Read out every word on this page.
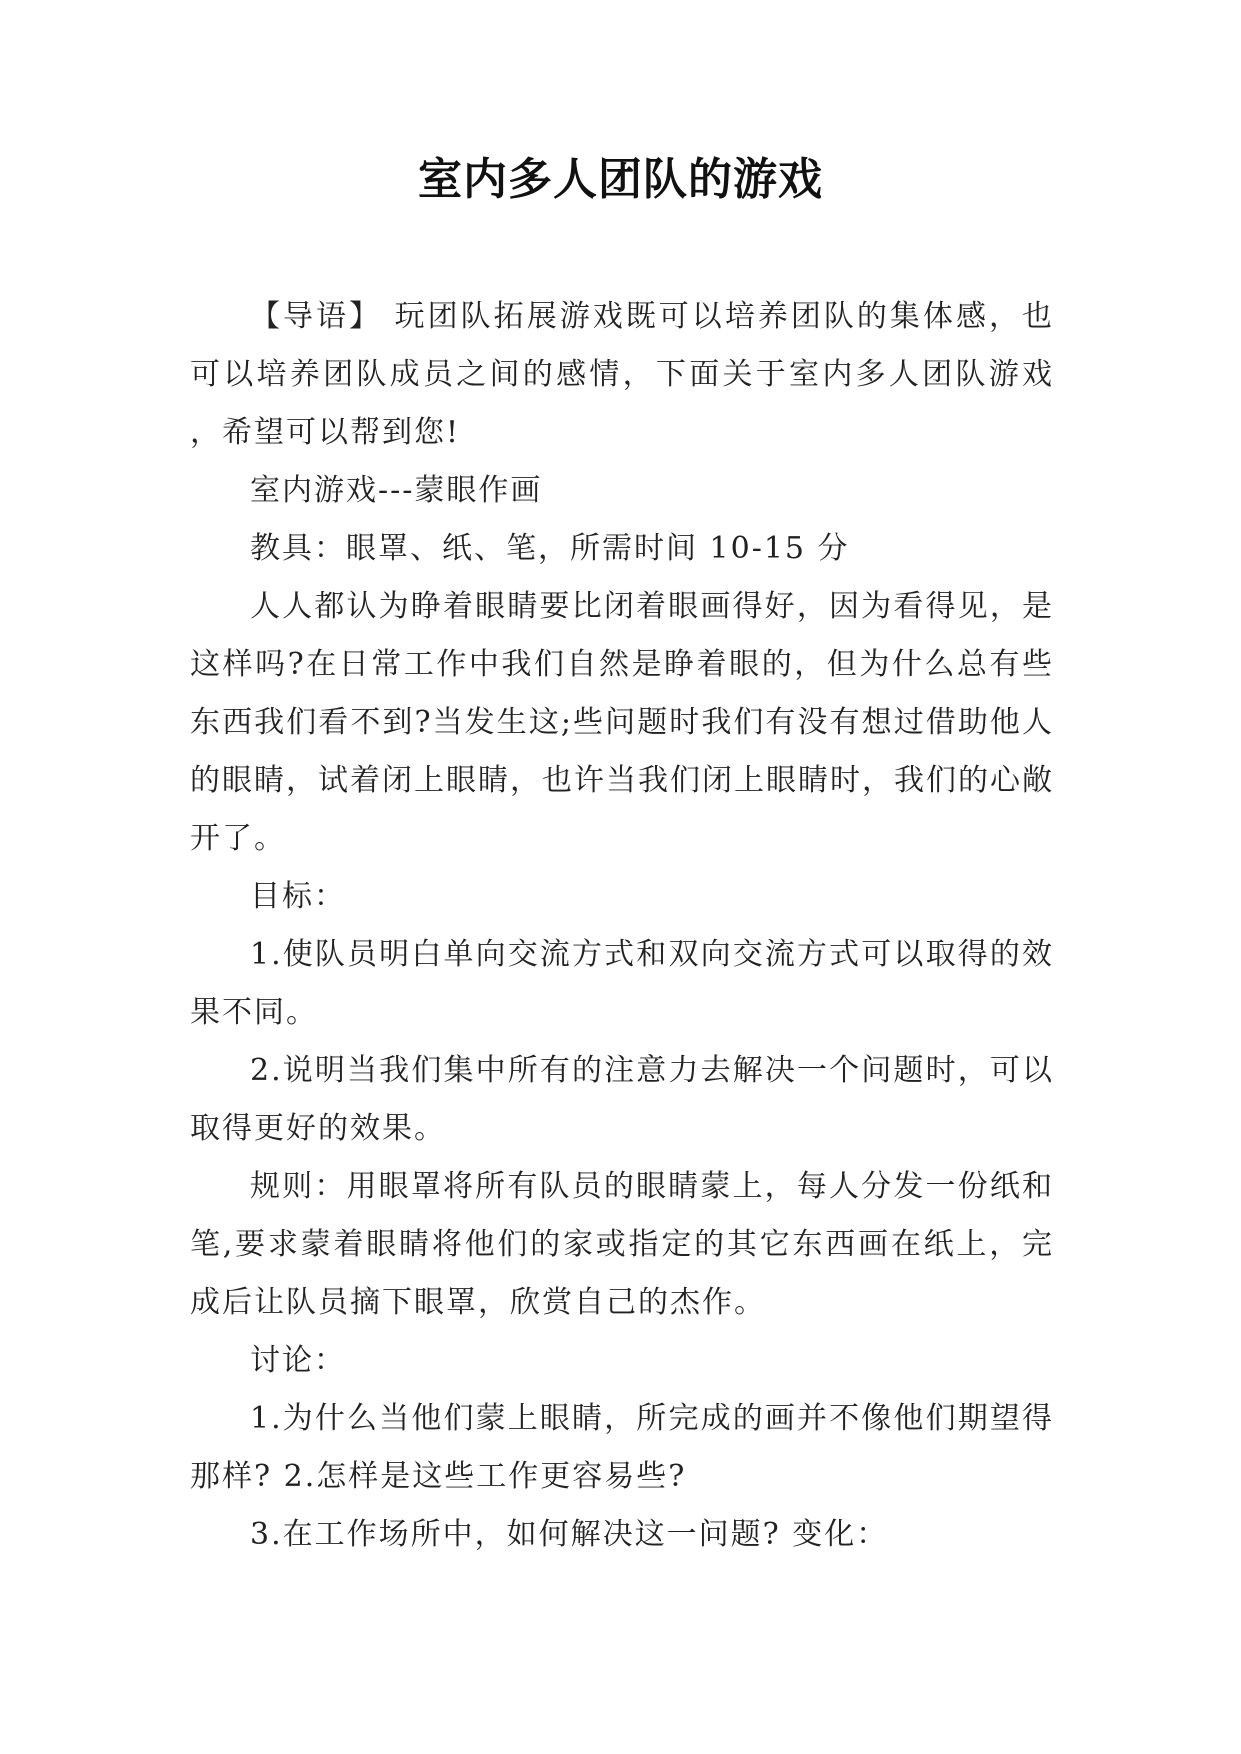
室内多人团队的游戏

【导语】 玩团队拓展游戏既可以培养团队的集体感，也可以培养团队成员之间的感情，下面关于室内多人团队游戏 ，希望可以帮到您!

室内游戏---蒙眼作画

教具：眼罩、纸、笔，所需时间 10-15 分

人人都认为睁着眼睛要比闭着眼画得好，因为看得见，是这样吗?在日常工作中我们自然是睁着眼的，但为什么总有些东西我们看不到?当发生这;些问题时我们有没有想过借助他人的眼睛，试着闭上眼睛，也许当我们闭上眼睛时，我们的心敞开了。

目标：

1.使队员明白单向交流方式和双向交流方式可以取得的效果不同。

2.说明当我们集中所有的注意力去解决一个问题时，可以取得更好的效果。

规则：用眼罩将所有队员的眼睛蒙上，每人分发一份纸和笔,要求蒙着眼睛将他们的家或指定的其它东西画在纸上，完成后让队员摘下眼罩，欣赏自己的杰作。

讨论：

1.为什么当他们蒙上眼睛，所完成的画并不像他们期望得那样? 2.怎样是这些工作更容易些?

3.在工作场所中，如何解决这一问题? 变化：
